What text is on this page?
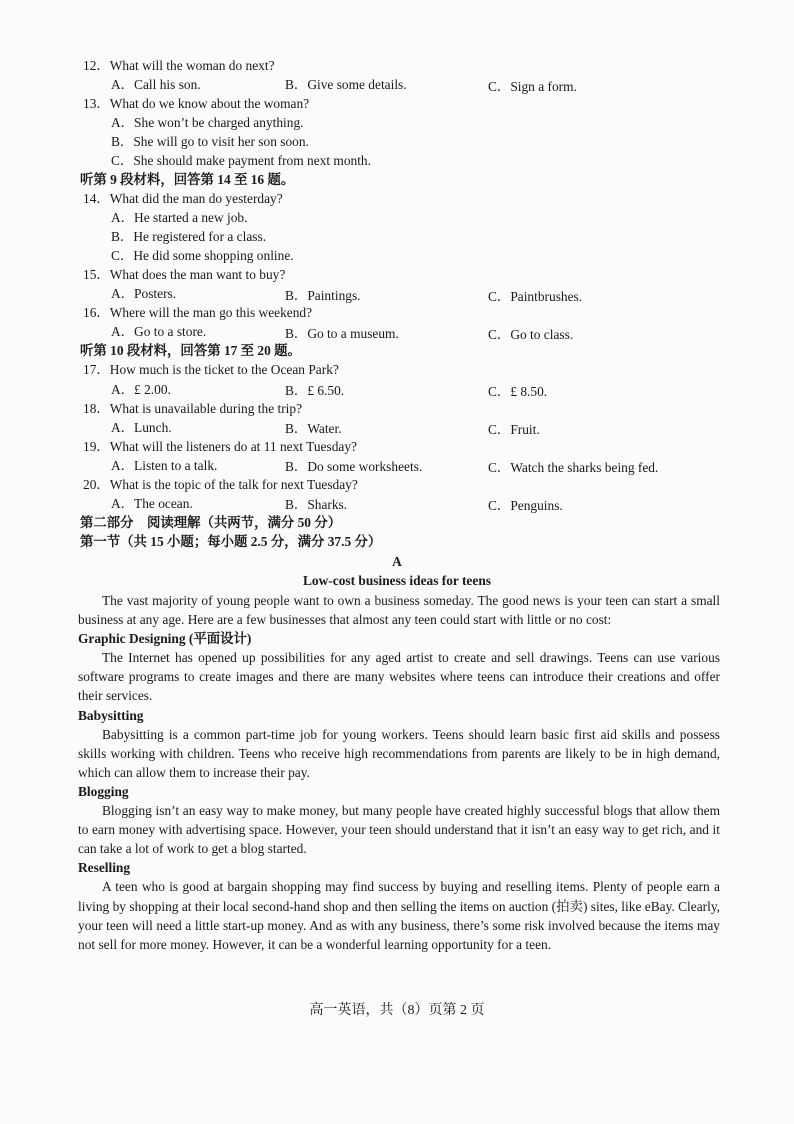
12．What will the woman do next?
A．Call his son.	B．Give some details.	C．Sign a form.
13．What do we know about the woman?
A．She won’t be charged anything.
B．She will go to visit her son soon.
C．She should make payment from next month.
听第 9 段材料，回答第 14 至 16 题。
14．What did the man do yesterday?
A．He started a new job.
B．He registered for a class.
C．He did some shopping online.
15．What does the man want to buy?
A．Posters.	B．Paintings.	C．Paintbrushes.
16．Where will the man go this weekend?
A．Go to a store.	B．Go to a museum.	C．Go to class.
听第 10 段材料，回答第 17 至 20 题。
17．How much is the ticket to the Ocean Park?
A．£ 2.00.	B．£ 6.50.	C．£ 8.50.
18．What is unavailable during the trip?
A．Lunch.	B．Water.	C．Fruit.
19．What will the listeners do at 11 next Tuesday?
A．Listen to a talk.	B．Do some worksheets.	C．Watch the sharks being fed.
20．What is the topic of the talk for next Tuesday?
A．The ocean.	B．Sharks.	C．Penguins.
第二部分　阅读理解（共两节，满分 50 分）
第一节（共 15 小题；每小题 2.5 分，满分 37.5 分）
A
Low-cost business ideas for teens

The vast majority of young people want to own a business someday. The good news is your teen can start a small business at any age. Here are a few businesses that almost any teen could start with little or no cost:

Graphic Designing (平面设计)

The Internet has opened up possibilities for any aged artist to create and sell drawings. Teens can use various software programs to create images and there are many websites where teens can introduce their creations and offer their services.

Babysitting

Babysitting is a common part-time job for young workers. Teens should learn basic first aid skills and possess skills working with children. Teens who receive high recommendations from parents are likely to be in high demand, which can allow them to increase their pay.

Blogging

Blogging isn’t an easy way to make money, but many people have created highly successful blogs that allow them to earn money with advertising space. However, your teen should understand that it isn’t an easy way to get rich, and it can take a lot of work to get a blog started.

Reselling

A teen who is good at bargain shopping may find success by buying and reselling items. Plenty of people earn a living by shopping at their local second-hand shop and then selling the items on auction (拍卖) sites, like eBay. Clearly, your teen will need a little start-up money. And as with any business, there’s some risk involved because the items may not sell for more money. However, it can be a wonderful learning opportunity for a teen.

高一英语，共（8）页第 2 页
